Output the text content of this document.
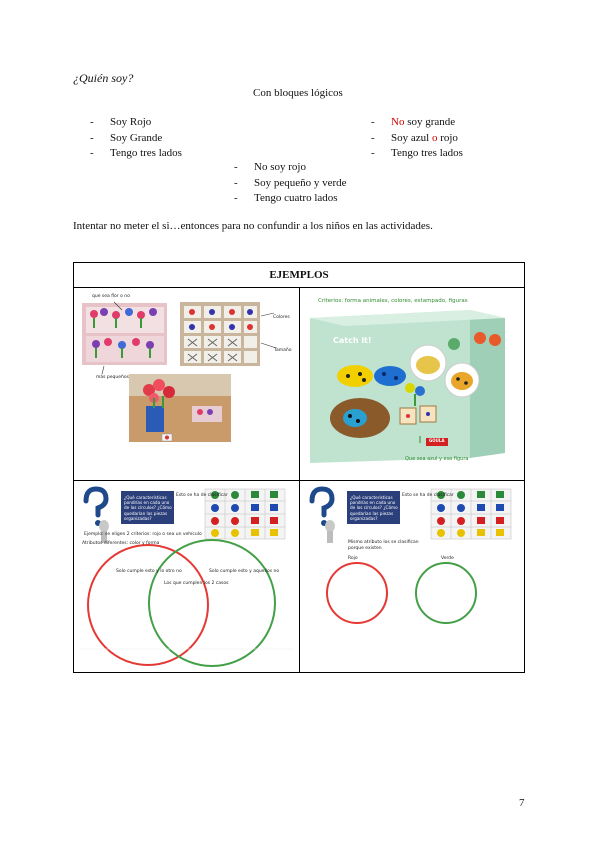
¿Quién soy?
Con bloques lógicos
- Soy Rojo
- Soy Grande
- Tengo tres lados
- No soy grande
- Soy azul o rojo
- Tengo tres lados
- No soy rojo
- Soy pequeño y verde
- Tengo cuatro lados
Intentar no meter el si…entonces para no confundir a los niños en las actividades.
EJEMPLOS
que sea flor o no
Colores
Tamaño
más pequeños
Criterios: forma animales, colores, estampado, figuras
Catch it!
GOULA
Que sea azul y esa figura
¿Qué características pondrías en cada uno de los círculos? ¿Cómo quedarían las piezas organizadas?
Esto se ha de clasificar
Ejemplo: se eligen 2 criterios: rojo o sea un vehículo
Atributos diferentes: color y forma
Solo cumple esto y lo otro no
Los que cumplen los 2 casos
Solo cumple esto y aquellos no
¿Qué características pondrías en cada uno de los círculos? ¿Cómo quedarían las piezas organizadas?
Esto se ha de clasificar
Mismo atributo los se clasifican porque existen
Rojo	Verde
7
